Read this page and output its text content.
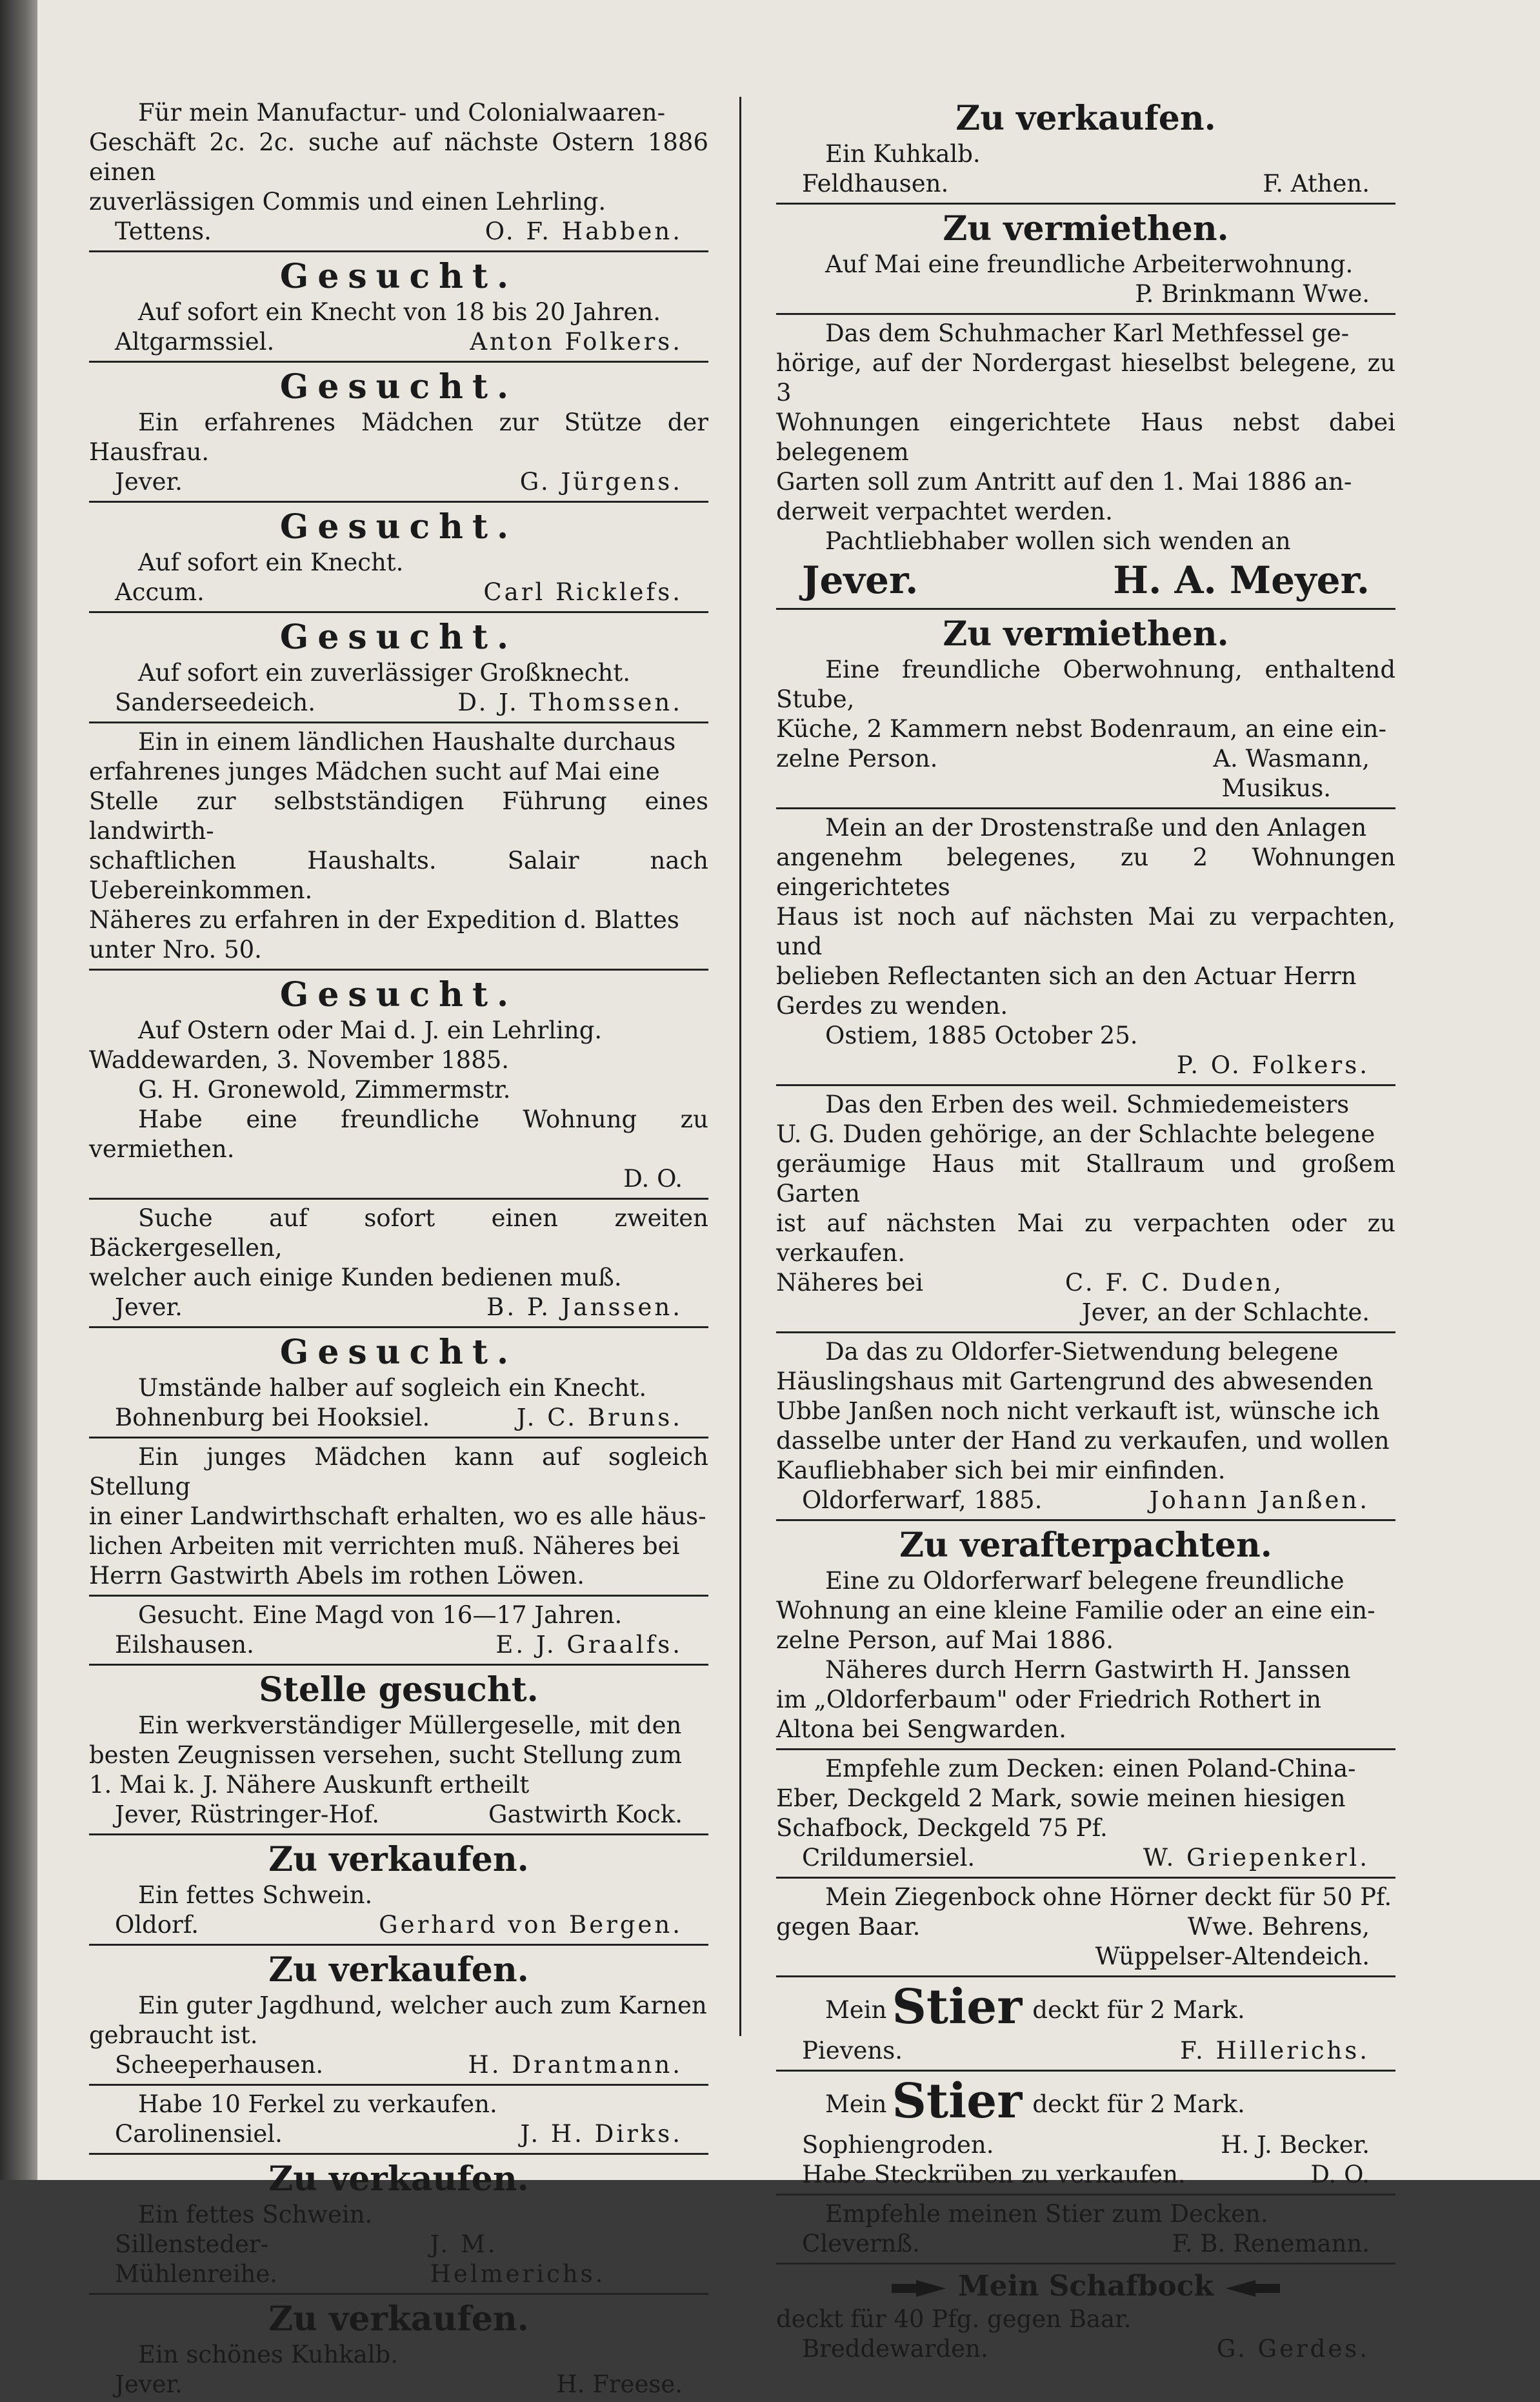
Für mein Manufactur- und Colonialwaaren-

Geschäft 2c. 2c. suche auf nächste Ostern 1886 einen

zuverlässigen Commis und einen Lehrling.

Tettens.	O. F. Habben.
Gesucht.

Auf sofort ein Knecht von 18 bis 20 Jahren.

Altgarmssiel.	Anton Folkers.
Gesucht.

Ein erfahrenes Mädchen zur Stütze der Hausfrau.

Jever.	G. Jürgens.
Gesucht.

Auf sofort ein Knecht.

Accum.	Carl Ricklefs.
Gesucht.

Auf sofort ein zuverlässiger Großknecht.

Sanderseedeich.	D. J. Thomssen.

Ein in einem ländlichen Haushalte durchaus

erfahrenes junges Mädchen sucht auf Mai eine

Stelle zur selbstständigen Führung eines landwirth-

schaftlichen Haushalts. Salair nach Uebereinkommen.

Näheres zu erfahren in der Expedition d. Blattes

unter Nro. 50.

Gesucht.

Auf Ostern oder Mai d. J. ein Lehrling.

Waddewarden, 3. November 1885.

G. H. Gronewold, Zimmermstr.

Habe eine freundliche Wohnung zu vermiethen.

D. O.

Suche auf sofort einen zweiten Bäckergesellen,

welcher auch einige Kunden bedienen muß.

Jever.	B. P. Janssen.
Gesucht.

Umstände halber auf sogleich ein Knecht.

Bohnenburg bei Hooksiel.	J. C. Bruns.

Ein junges Mädchen kann auf sogleich Stellung

in einer Landwirthschaft erhalten, wo es alle häus-

lichen Arbeiten mit verrichten muß. Näheres bei

Herrn Gastwirth Abels im rothen Löwen.

Gesucht. Eine Magd von 16—17 Jahren.

Eilshausen.	E. J. Graalfs.
Stelle gesucht.

Ein werkverständiger Müllergeselle, mit den

besten Zeugnissen versehen, sucht Stellung zum

1. Mai k. J. Nähere Auskunft ertheilt

Jever, Rüstringer-Hof.	Gastwirth Kock.
Zu verkaufen.

Ein fettes Schwein.

Oldorf.	Gerhard von Bergen.
Zu verkaufen.

Ein guter Jagdhund, welcher auch zum Karnen

gebraucht ist.

Scheeperhausen.	H. Drantmann.

Habe 10 Ferkel zu verkaufen.

Carolinensiel.	J. H. Dirks.
Zu verkaufen.

Ein fettes Schwein.

Sillensteder-Mühlenreihe.
J. M. Helmerichs.
Zu verkaufen.

Ein schönes Kuhkalb.

Jever.	H. Freese.
Zu verkaufen.

Ein Kuhkalb.

Feldhausen.	F. Athen.
Zu vermiethen.

Auf Mai eine freundliche Arbeiterwohnung.

P. Brinkmann Wwe.

Das dem Schuhmacher Karl Methfessel ge-

hörige, auf der Nordergast hieselbst belegene, zu 3

Wohnungen eingerichtete Haus nebst dabei belegenem

Garten soll zum Antritt auf den 1. Mai 1886 an-

derweit verpachtet werden.

Pachtliebhaber wollen sich wenden an

Jever.	H. A. Meyer.
Zu vermiethen.

Eine freundliche Oberwohnung, enthaltend Stube,

Küche, 2 Kammern nebst Bodenraum, an eine ein-

zelne Person.	A. Wasmann,
Musikus.

Mein an der Drostenstraße und den Anlagen

angenehm belegenes, zu 2 Wohnungen eingerichtetes

Haus ist noch auf nächsten Mai zu verpachten, und

belieben Reflectanten sich an den Actuar Herrn

Gerdes zu wenden.

Ostiem, 1885 October 25.

P. O. Folkers.

Das den Erben des weil. Schmiedemeisters

U. G. Duden gehörige, an der Schlachte belegene

geräumige Haus mit Stallraum und großem Garten

ist auf nächsten Mai zu verpachten oder zu verkaufen.

Näheres bei	C. F. C. Duden,
Jever, an der Schlachte.

Da das zu Oldorfer-Sietwendung belegene

Häuslingshaus mit Gartengrund des abwesenden

Ubbe Janßen noch nicht verkauft ist, wünsche ich

dasselbe unter der Hand zu verkaufen, und wollen

Kaufliebhaber sich bei mir einfinden.

Oldorferwarf, 1885.	Johann Janßen.
Zu verafterpachten.

Eine zu Oldorferwarf belegene freundliche

Wohnung an eine kleine Familie oder an eine ein-

zelne Person, auf Mai 1886.

Näheres durch Herrn Gastwirth H. Janssen

im „Oldorferbaum" oder Friedrich Rothert in

Altona bei Sengwarden.

Empfehle zum Decken: einen Poland-China-

Eber, Deckgeld 2 Mark, sowie meinen hiesigen

Schafbock, Deckgeld 75 Pf.

Crildumersiel.	W. Griepenkerl.

Mein Ziegenbock ohne Hörner deckt für 50 Pf.

gegen Baar.	Wwe. Behrens,
Wüppelser-Altendeich.

Mein Stier deckt für 2 Mark.

Pievens.	F. Hillerichs.

Mein Stier deckt für 2 Mark.

Sophiengroden.	H. J. Becker.
Habe Steckrüben zu verkaufen.	D. O.

Empfehle meinen Stier zum Decken.

Clevernß.	F. B. Renemann.
Mein Schafbock

deckt für 40 Pfg. gegen Baar.

Breddewarden.	G. Gerdes.
